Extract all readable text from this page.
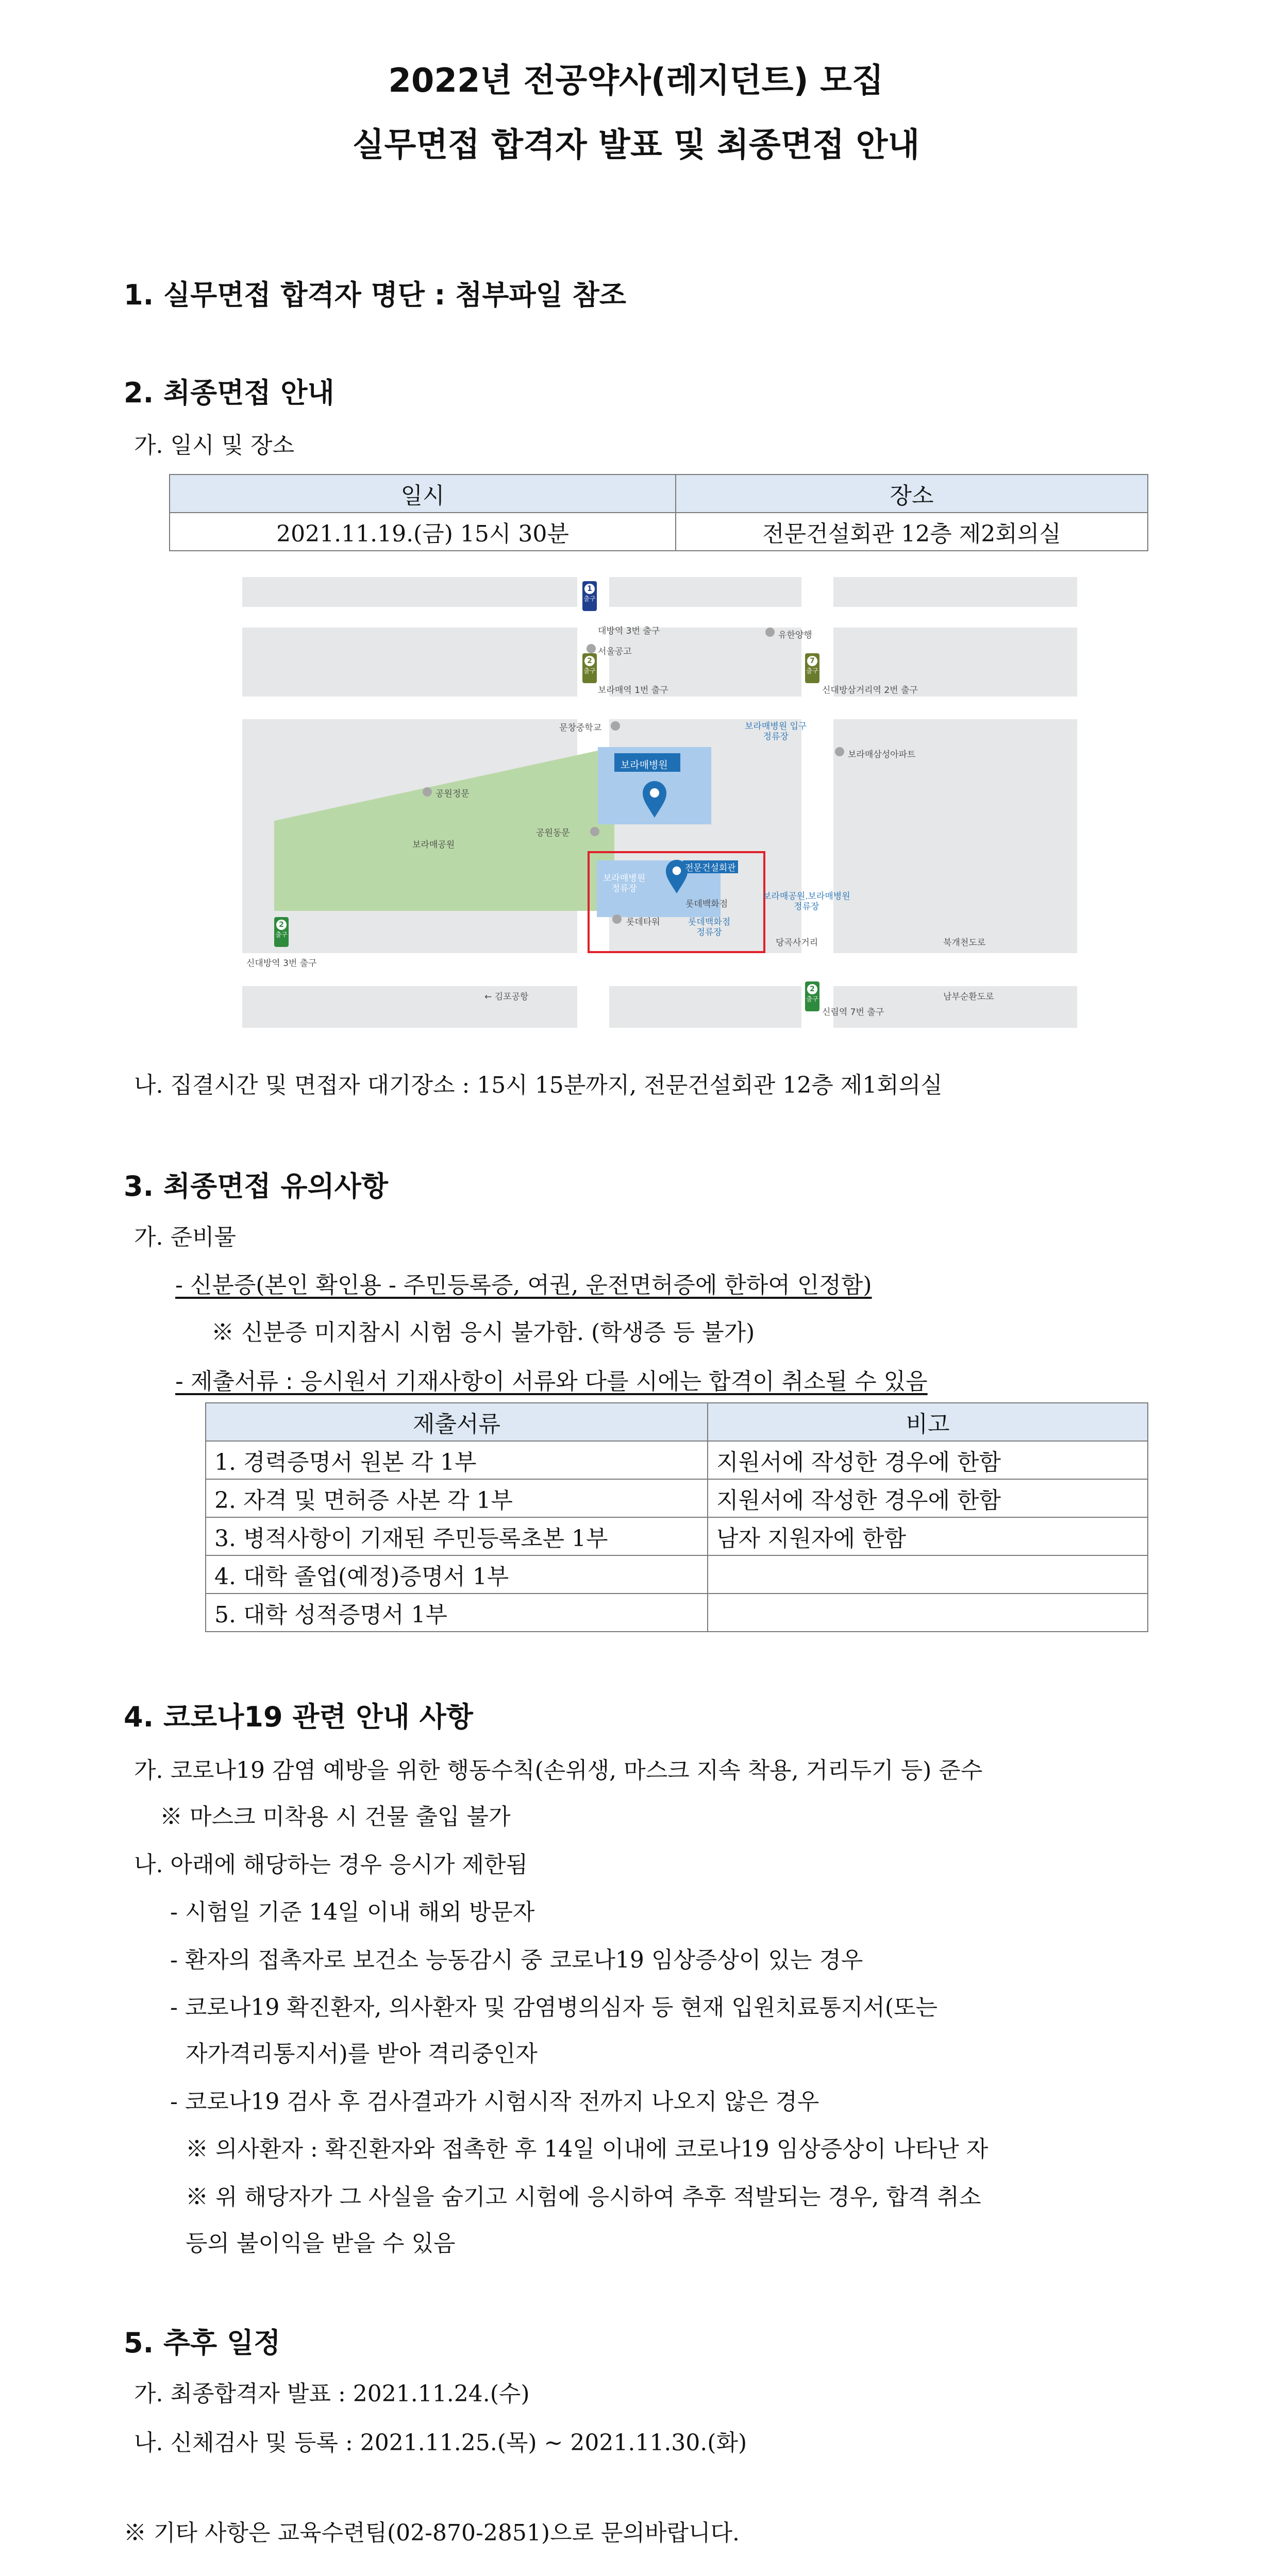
2022년 전공약사(레지던트) 모집
실무면접 합격자 발표 및 최종면접 안내
1. 실무면접 합격자 명단 : 첨부파일 참조
2. 최종면접 안내
가. 일시 및 장소
일시	장소
2021.11.19.(금) 15시 30분	전문건설회관 12층 제2회의실
보라매병원
1
출구
2
출구
7
출구
2
출구
2
출구
대방역 3번 출구
서울공고
보라매역 1번 출구
유한양행
신대방삼거리역 2번 출구
문창중학교	보라매병원 입구
정류장
보라매삼성아파트
공원정문
보라매공원
공원동문
전문건설회관
보라매병원
정류장
롯데백화점
보라매공원.보라매병원
정류장
롯데타워	롯데백화점
정류장
당곡사거리	북개천도로
신대방역 3번 출구
← 김포공항	남부순환도로
신림역 7번 출구
나. 집결시간 및 면접자 대기장소 : 15시 15분까지, 전문건설회관 12층 제1회의실
3. 최종면접 유의사항
가. 준비물
- 신분증(본인 확인용 - 주민등록증, 여권, 운전면허증에 한하여 인정함)
※ 신분증 미지참시 시험 응시 불가함. (학생증 등 불가)
- 제출서류 : 응시원서 기재사항이 서류와 다를 시에는 합격이 취소될 수 있음
제출서류	비고
1. 경력증명서 원본 각 1부	지원서에 작성한 경우에 한함
2. 자격 및 면허증 사본 각 1부	지원서에 작성한 경우에 한함
3. 병적사항이 기재된 주민등록초본 1부	남자 지원자에 한함
4. 대학 졸업(예정)증명서 1부	
5. 대학 성적증명서 1부	
4. 코로나19 관련 안내 사항
가. 코로나19 감염 예방을 위한 행동수칙(손위생, 마스크 지속 착용, 거리두기 등) 준수
※ 마스크 미착용 시 건물 출입 불가
나. 아래에 해당하는 경우 응시가 제한됨
- 시험일 기준 14일 이내 해외 방문자
- 환자의 접촉자로 보건소 능동감시 중 코로나19 임상증상이 있는 경우
- 코로나19 확진환자, 의사환자 및 감염병의심자 등 현재 입원치료통지서(또는
자가격리통지서)를 받아 격리중인자
- 코로나19 검사 후 검사결과가 시험시작 전까지 나오지 않은 경우
※ 의사환자 : 확진환자와 접촉한 후 14일 이내에 코로나19 임상증상이 나타난 자
※ 위 해당자가 그 사실을 숨기고 시험에 응시하여 추후 적발되는 경우, 합격 취소
등의 불이익을 받을 수 있음
5. 추후 일정
가. 최종합격자 발표 : 2021.11.24.(수)
나. 신체검사 및 등록 : 2021.11.25.(목) ~ 2021.11.30.(화)
※ 기타 사항은 교육수련팀(02-870-2851)으로 문의바랍니다.
